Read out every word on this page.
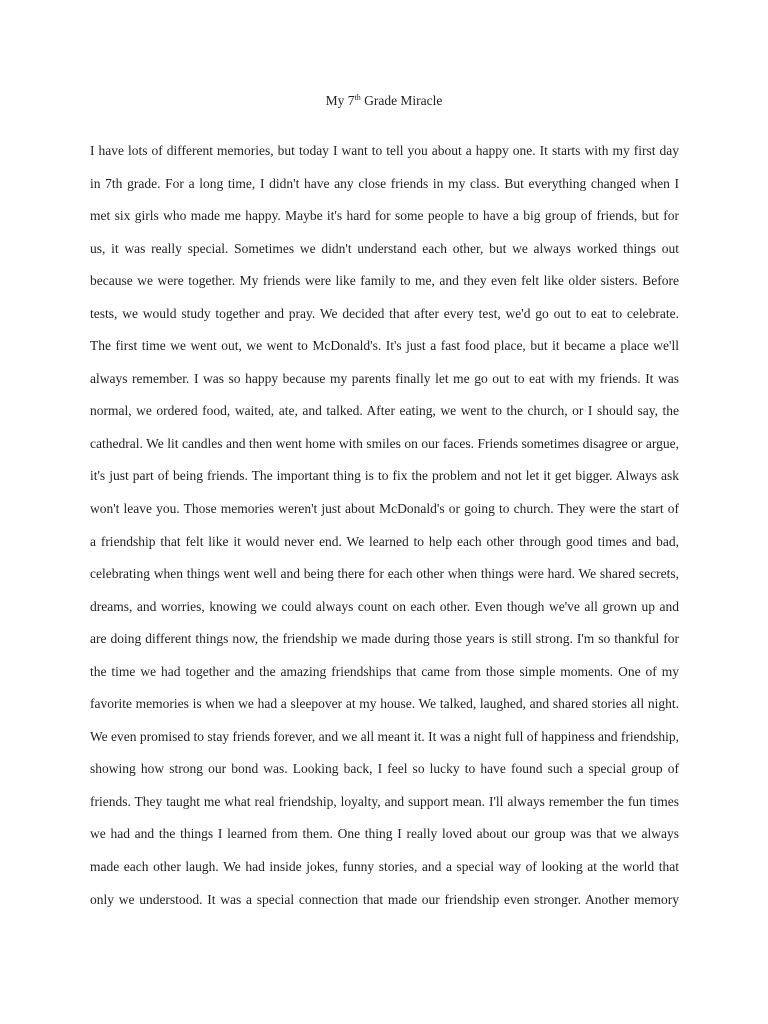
My 7th Grade Miracle
I have lots of different memories, but today I want to tell you about a happy one. It starts with my first day
in 7th grade. For a long time, I didn't have any close friends in my class. But everything changed when I
met six girls who made me happy. Maybe it's hard for some people to have a big group of friends, but for
us, it was really special. Sometimes we didn't understand each other, but we always worked things out
because we were together. My friends were like family to me, and they even felt like older sisters. Before
tests, we would study together and pray. We decided that after every test, we'd go out to eat to celebrate.
The first time we went out, we went to McDonald's. It's just a fast food place, but it became a place we'll
always remember. I was so happy because my parents finally let me go out to eat with my friends. It was
normal, we ordered food, waited, ate, and talked. After eating, we went to the church, or I should say, the
cathedral. We lit candles and then went home with smiles on our faces. Friends sometimes disagree or argue,
it's just part of being friends. The important thing is to fix the problem and not let it get bigger. Always ask
won't leave you. Those memories weren't just about McDonald's or going to church. They were the start of
a friendship that felt like it would never end. We learned to help each other through good times and bad,
celebrating when things went well and being there for each other when things were hard. We shared secrets,
dreams, and worries, knowing we could always count on each other. Even though we've all grown up and
are doing different things now, the friendship we made during those years is still strong. I'm so thankful for
the time we had together and the amazing friendships that came from those simple moments. One of my
favorite memories is when we had a sleepover at my house. We talked, laughed, and shared stories all night.
We even promised to stay friends forever, and we all meant it. It was a night full of happiness and friendship,
showing how strong our bond was. Looking back, I feel so lucky to have found such a special group of
friends. They taught me what real friendship, loyalty, and support mean. I'll always remember the fun times
we had and the things I learned from them. One thing I really loved about our group was that we always
made each other laugh. We had inside jokes, funny stories, and a special way of looking at the world that
only we understood. It was a special connection that made our friendship even stronger. Another memory
